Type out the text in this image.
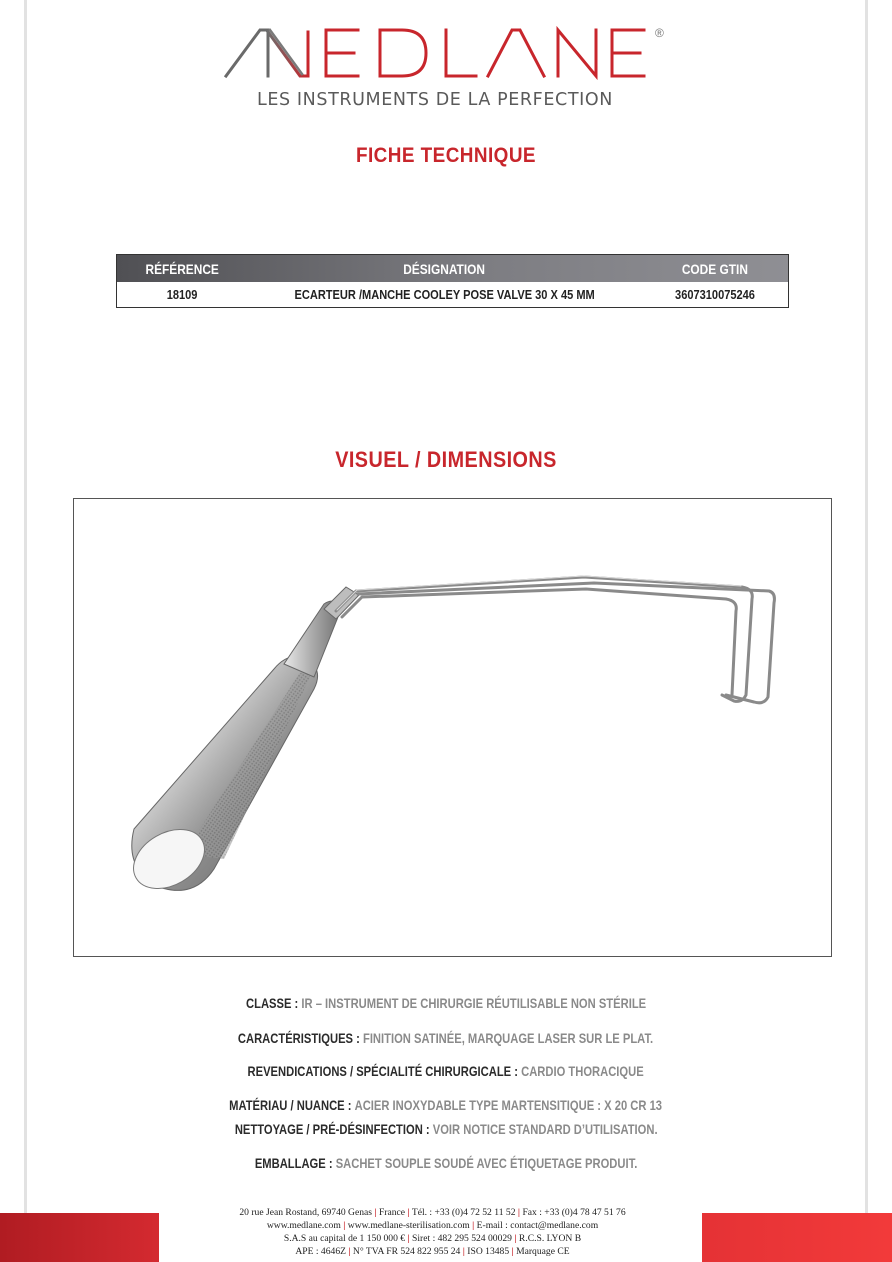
®
LES INSTRUMENTS DE LA PERFECTION
FICHE TECHNIQUE
RÉFÉRENCE	DÉSIGNATION	CODE GTIN
18109	ECARTEUR /MANCHE COOLEY POSE VALVE 30 X 45 MM	3607310075246
VISUEL / DIMENSIONS
CLASSE : IR – INSTRUMENT DE CHIRURGIE RÉUTILISABLE NON STÉRILE
CARACTÉRISTIQUES : FINITION SATINÉE, MARQUAGE LASER SUR LE PLAT.
REVENDICATIONS / SPÉCIALITÉ CHIRURGICALE : CARDIO THORACIQUE
MATÉRIAU / NUANCE : ACIER INOXYDABLE TYPE MARTENSITIQUE : X 20 CR 13
NETTOYAGE / PRÉ-DÉSINFECTION : VOIR NOTICE STANDARD D’UTILISATION.
EMBALLAGE : SACHET SOUPLE SOUDÉ AVEC ÉTIQUETAGE PRODUIT.
20 rue Jean Rostand, 69740 Genas | France | Tél. : +33 (0)4 72 52 11 52 | Fax : +33 (0)4 78 47 51 76
www.medlane.com | www.medlane-sterilisation.com | E-mail : contact@medlane.com
S.A.S au capital de 1 150 000 € | Siret : 482 295 524 00029 | R.C.S. LYON B
APE : 4646Z | N° TVA FR 524 822 955 24 | ISO 13485 | Marquage CE
